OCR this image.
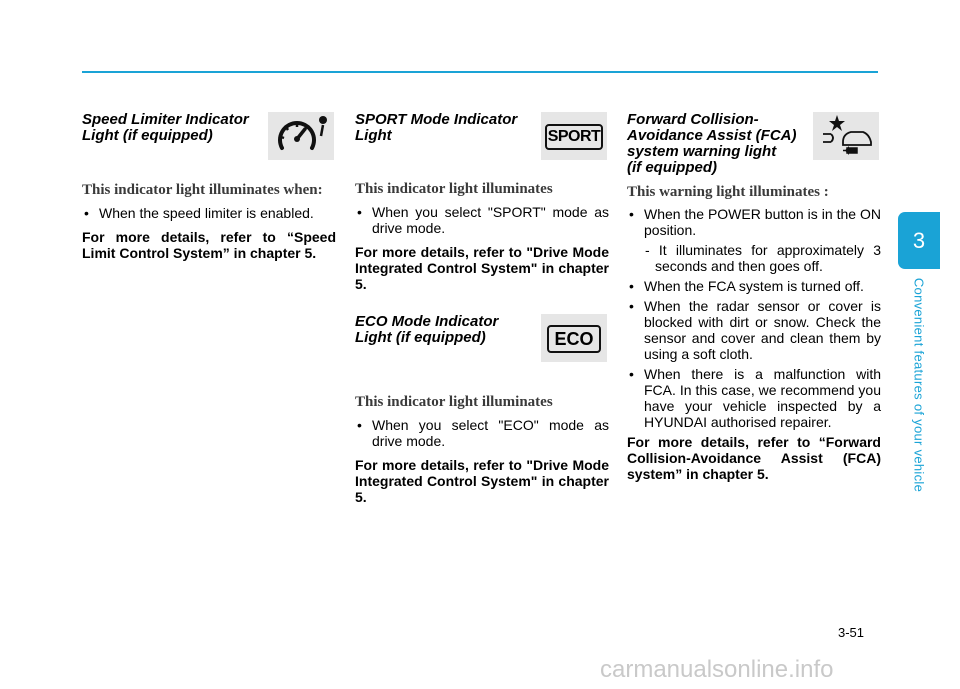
Speed Limiter Indicator
Light (if equipped)

This indicator light illuminates when:

• When the speed limiter is enabled.

For more details, refer to “Speed Limit Control System” in chapter 5.

SPORT Mode Indicator
Light	SPORT

This indicator light illuminates

• When you select "SPORT" mode as drive mode.

For more details, refer to "Drive Mode Integrated Control System" in chapter 5.

ECO Mode Indicator
Light (if equipped)	ECO

This indicator light illuminates

• When you select "ECO" mode as drive mode.

For more details, refer to "Drive Mode Integrated Control System" in chapter 5.

Forward Collision-
Avoidance Assist (FCA)
system warning light
(if equipped)

This warning light illuminates :

• When the POWER button is in the ON position.

- It illuminates for approximately 3 seconds and then goes off.

• When the FCA system is turned off.

• When the radar sensor or cover is blocked with dirt or snow. Check the sensor and cover and clean them by using a soft cloth.

• When there is a malfunction with FCA. In this case, we recommend you have your vehicle inspected by a HYUNDAI authorised repairer.

For more details, refer to “Forward Collision-Avoidance Assist (FCA) system” in chapter 5.

3
Convenient features of your vehicle
3-51
carmanualsonline.info
